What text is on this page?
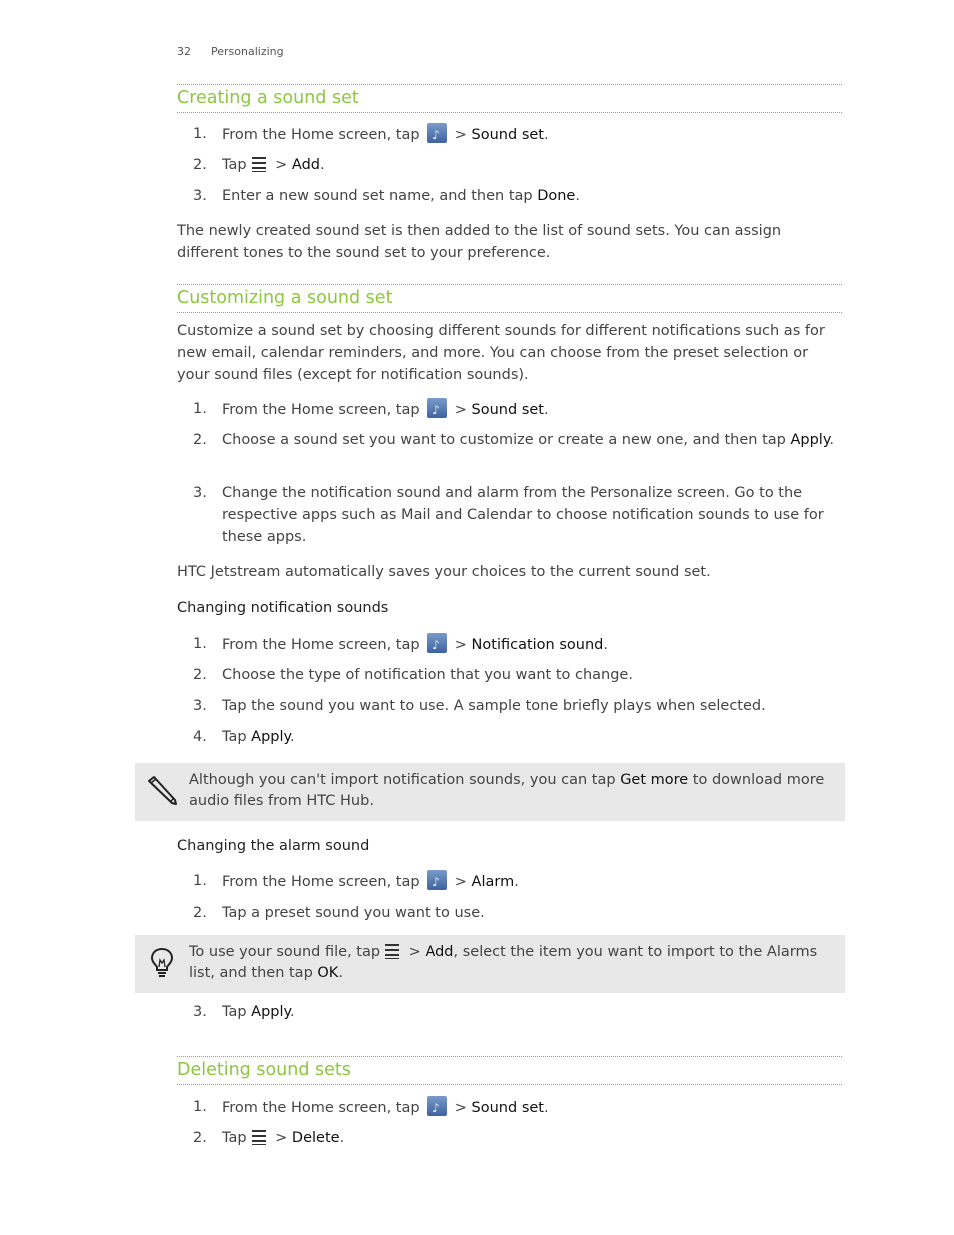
32 Personalizing
Creating a sound set
1.	From the Home screen, tap ♪ > Sound set.
2.	Tap
> Add.
3.	Enter a new sound set name, and then tap Done.
The newly created sound set is then added to the list of sound sets. You can assign different tones to the sound set to your preference.
Customizing a sound set
Customize a sound set by choosing different sounds for different notifications such as for new email, calendar reminders, and more. You can choose from the preset selection or your sound files (except for notification sounds).
1.	From the Home screen, tap ♪ > Sound set.
2.	Choose a sound set you want to customize or create a new one, and then tap Apply.
3.	Change the notification sound and alarm from the Personalize screen. Go to the respective apps such as Mail and Calendar to choose notification sounds to use for these apps.
HTC Jetstream automatically saves your choices to the current sound set.
Changing notification sounds
1.	From the Home screen, tap ♪ > Notification sound.
2.	Choose the type of notification that you want to change.
3.	Tap the sound you want to use. A sample tone briefly plays when selected.
4.	Tap Apply.
Although you can't import notification sounds, you can tap Get more to download more audio files from HTC Hub.
Changing the alarm sound
1.	From the Home screen, tap ♪ > Alarm.
2.	Tap a preset sound you want to use.
To use your sound file, tap
> Add, select the item you want to import to the Alarms list, and then tap OK.
3.	Tap Apply.
Deleting sound sets
1.	From the Home screen, tap ♪ > Sound set.
2.	Tap
> Delete.
